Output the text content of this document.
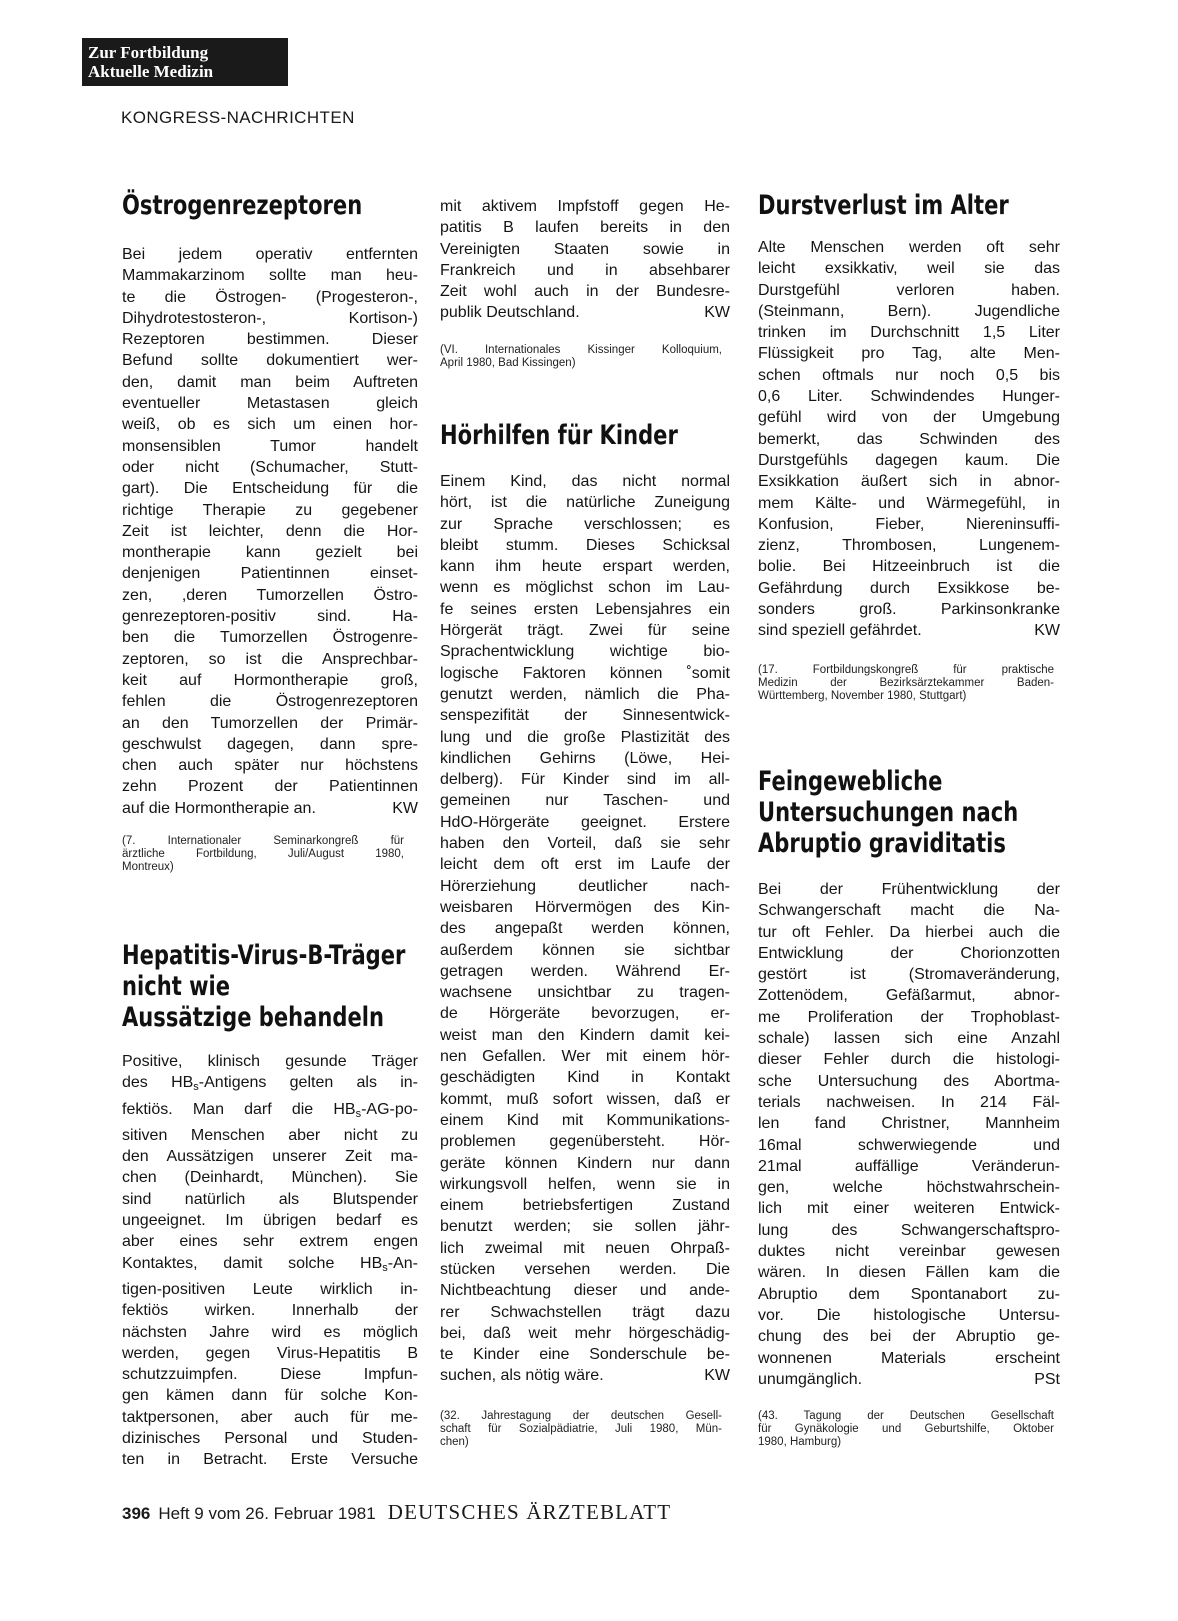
Zur Fortbildung
Aktuelle Medizin
KONGRESS-NACHRICHTEN
Östrogenrezeptoren
Bei jedem operativ entfernten
Mammakarzinom sollte man heu-
te die Östrogen- (Progesteron-,
Dihydrotestosteron-, Kortison-)
Rezeptoren bestimmen. Dieser
Befund sollte dokumentiert wer-
den, damit man beim Auftreten
eventueller Metastasen gleich
weiß, ob es sich um einen hor-
monsensiblen Tumor handelt
oder nicht (Schumacher, Stutt-
gart). Die Entscheidung für die
richtige Therapie zu gegebener
Zeit ist leichter, denn die Hor-
montherapie kann gezielt bei
denjenigen Patientinnen einset-
zen, ,deren Tumorzellen Östro-
genrezeptoren-positiv sind. Ha-
ben die Tumorzellen Östrogenre-
zeptoren, so ist die Ansprechbar-
keit auf Hormontherapie groß,
fehlen die Östrogenrezeptoren
an den Tumorzellen der Primär-
geschwulst dagegen, dann spre-
chen auch später nur höchstens
zehn Prozent der Patientinnen
auf die Hormontherapie an.	KW
(7. Internationaler Seminarkongreß für
ärztliche Fortbildung, Juli/August 1980,
Montreux)
Hepatitis-Virus-B-Träger
nicht wie
Aussätzige behandeln
Positive, klinisch gesunde Träger
des $HB_s$-Antigens gelten als in-
fektiös. Man darf die $HB_s-AG-po-$
sitiven Menschen aber nicht zu
den Aussätzigen unserer Zeit ma-
chen (Deinhardt, München). Sie
sind natürlich als Blutspender
ungeeignet. Im übrigen bedarf es
aber eines sehr extrem engen
Kontaktes, damit solche $HB_s-An-$
tigen-positiven Leute wirklich in-
fektiös wirken. Innerhalb der
nächsten Jahre wird es möglich
werden, gegen Virus-Hepatitis B
schutzzuimpfen. Diese Impfun-
gen kämen dann für solche Kon-
taktpersonen, aber auch für me-
dizinisches Personal und Studen-
ten in Betracht. Erste Versuche
mit aktivem Impfstoff gegen He-
patitis B laufen bereits in den
Vereinigten Staaten sowie in
Frankreich und in absehbarer
Zeit wohl auch in der Bundesre-
publik Deutschland.	KW
(VI. Internationales Kissinger Kolloquium,
April 1980, Bad Kissingen)
Hörhilfen für Kinder
Einem Kind, das nicht normal
hört, ist die natürliche Zuneigung
zur Sprache verschlossen; es
bleibt stumm. Dieses Schicksal
kann ihm heute erspart werden,
wenn es möglichst schon im Lau-
fe seines ersten Lebensjahres ein
Hörgerät trägt. Zwei für seine
Sprachentwicklung wichtige bio-
logische Faktoren können ˚somit
genutzt werden, nämlich die Pha-
senspezifität der Sinnesentwick-
lung und die große Plastizität des
kindlichen Gehirns (Löwe, Hei-
delberg). Für Kinder sind im all-
gemeinen nur Taschen- und
HdO-Hörgeräte geeignet. Erstere
haben den Vorteil, daß sie sehr
leicht dem oft erst im Laufe der
Hörerziehung deutlicher nach-
weisbaren Hörvermögen des Kin-
des angepaßt werden können,
außerdem können sie sichtbar
getragen werden. Während Er-
wachsene unsichtbar zu tragen-
de Hörgeräte bevorzugen, er-
weist man den Kindern damit kei-
nen Gefallen. Wer mit einem hör-
geschädigten Kind in Kontakt
kommt, muß sofort wissen, daß er
einem Kind mit Kommunikations-
problemen gegenübersteht. Hör-
geräte können Kindern nur dann
wirkungsvoll helfen, wenn sie in
einem betriebsfertigen Zustand
benutzt werden; sie sollen jähr-
lich zweimal mit neuen Ohrpaß-
stücken versehen werden. Die
Nichtbeachtung dieser und ande-
rer Schwachstellen trägt dazu
bei, daß weit mehr hörgeschädig-
te Kinder eine Sonderschule be-
suchen, als nötig wäre.	KW
(32. Jahrestagung der deutschen Gesell-
schaft für Sozialpädiatrie, Juli 1980, Mün-
chen)
Durstverlust im Alter
Alte Menschen werden oft sehr
leicht exsikkativ, weil sie das
Durstgefühl verloren haben.
(Steinmann, Bern). Jugendliche
trinken im Durchschnitt 1,5 Liter
Flüssigkeit pro Tag, alte Men-
schen oftmals nur noch 0,5 bis
0,6 Liter. Schwindendes Hunger-
gefühl wird von der Umgebung
bemerkt, das Schwinden des
Durstgefühls dagegen kaum. Die
Exsikkation äußert sich in abnor-
mem Kälte- und Wärmegefühl, in
Konfusion, Fieber, Niereninsuffi-
zienz, Thrombosen, Lungenem-
bolie. Bei Hitzeeinbruch ist die
Gefährdung durch Exsikkose be-
sonders groß. Parkinsonkranke
sind speziell gefährdet.	KW
(17. Fortbildungskongreß für praktische
Medizin der Bezirksärztekammer Baden-
Württemberg, November 1980, Stuttgart)
Feingewebliche
Untersuchungen nach
Abruptio graviditatis
Bei der Frühentwicklung der
Schwangerschaft macht die Na-
tur oft Fehler. Da hierbei auch die
Entwicklung der Chorionzotten
gestört ist (Stromaveränderung,
Zottenödem, Gefäßarmut, abnor-
me Proliferation der Trophoblast-
schale) lassen sich eine Anzahl
dieser Fehler durch die histologi-
sche Untersuchung des Abortma-
terials nachweisen. In 214 Fäl-
len fand Christner, Mannheim
16mal schwerwiegende und
21mal auffällige Veränderun-
gen, welche höchstwahrschein-
lich mit einer weiteren Entwick-
lung des Schwangerschaftspro-
duktes nicht vereinbar gewesen
wären. In diesen Fällen kam die
Abruptio dem Spontanabort zu-
vor. Die histologische Untersu-
chung des bei der Abruptio ge-
wonnenen Materials erscheint
unumgänglich.	PSt
(43. Tagung der Deutschen Gesellschaft
für Gynäkologie und Geburtshilfe, Oktober
1980, Hamburg)
396 Heft 9 vom 26. Februar 1981 DEUTSCHES ÄRZTEBLATT
